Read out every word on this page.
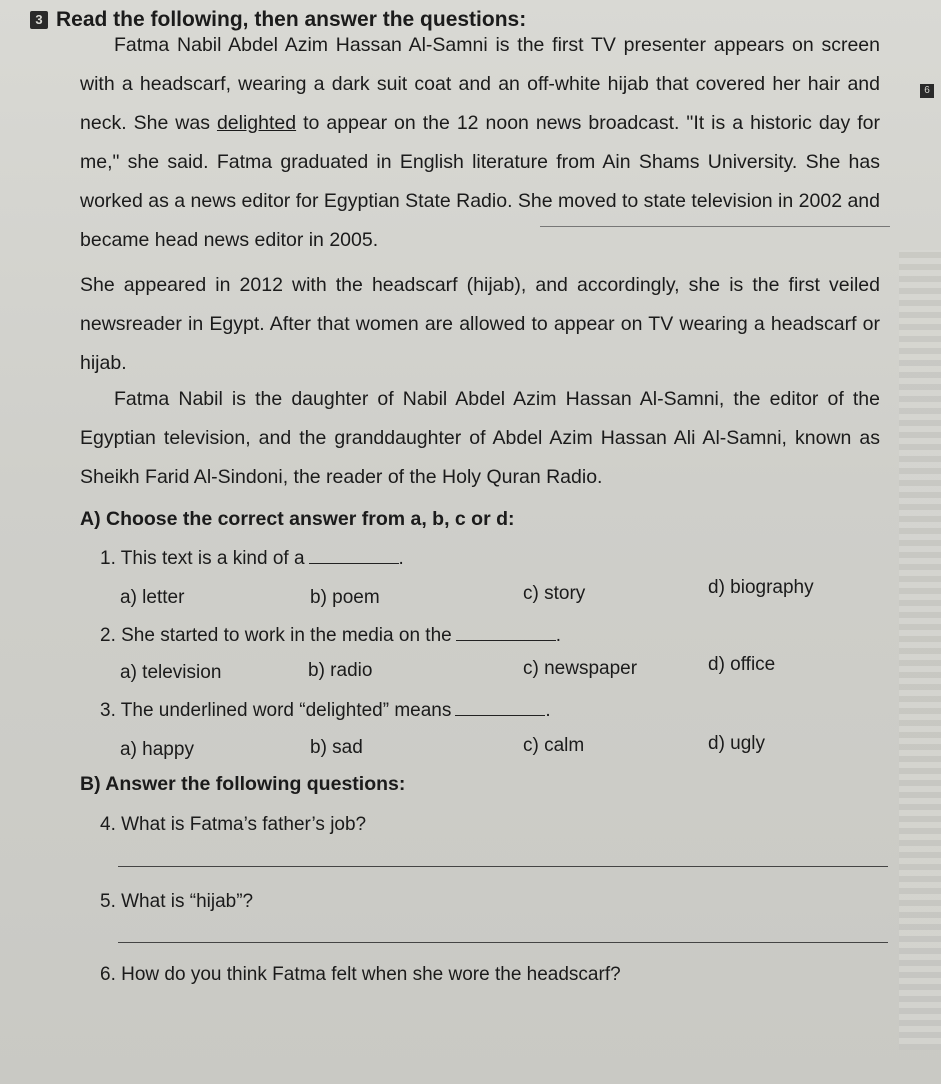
3 Read the following, then answer the questions:
6
Fatma Nabil Abdel Azim Hassan Al-Samni is the first TV presenter appears on screen with a headscarf, wearing a dark suit coat and an off-white hijab that covered her hair and neck. She was delighted to appear on the 12 noon news broadcast. "It is a historic day for me," she said. Fatma graduated in English literature from Ain Shams University. She has worked as a news editor for Egyptian State Radio. She moved to state television in 2002 and became head news editor in 2005.
She appeared in 2012 with the headscarf (hijab), and accordingly, she is the first veiled newsreader in Egypt. After that women are allowed to appear on TV wearing a headscarf or hijab.
Fatma Nabil is the daughter of Nabil Abdel Azim Hassan Al-Samni, the editor of the Egyptian television, and the granddaughter of Abdel Azim Hassan Ali Al-Samni, known as Sheikh Farid Al-Sindoni, the reader of the Holy Quran Radio.
A) Choose the correct answer from a, b, c or d:
1. This text is a kind of a	.
a) letter	b) poem	c) story	d) biography
2. She started to work in the media on the	.
a) television	b) radio	c) newspaper	d) office
3. The underlined word “delighted” means	.
a) happy	b) sad	c) calm	d) ugly
B) Answer the following questions:
4. What is Fatma’s father’s job?
5. What is “hijab”?
6. How do you think Fatma felt when she wore the headscarf?
